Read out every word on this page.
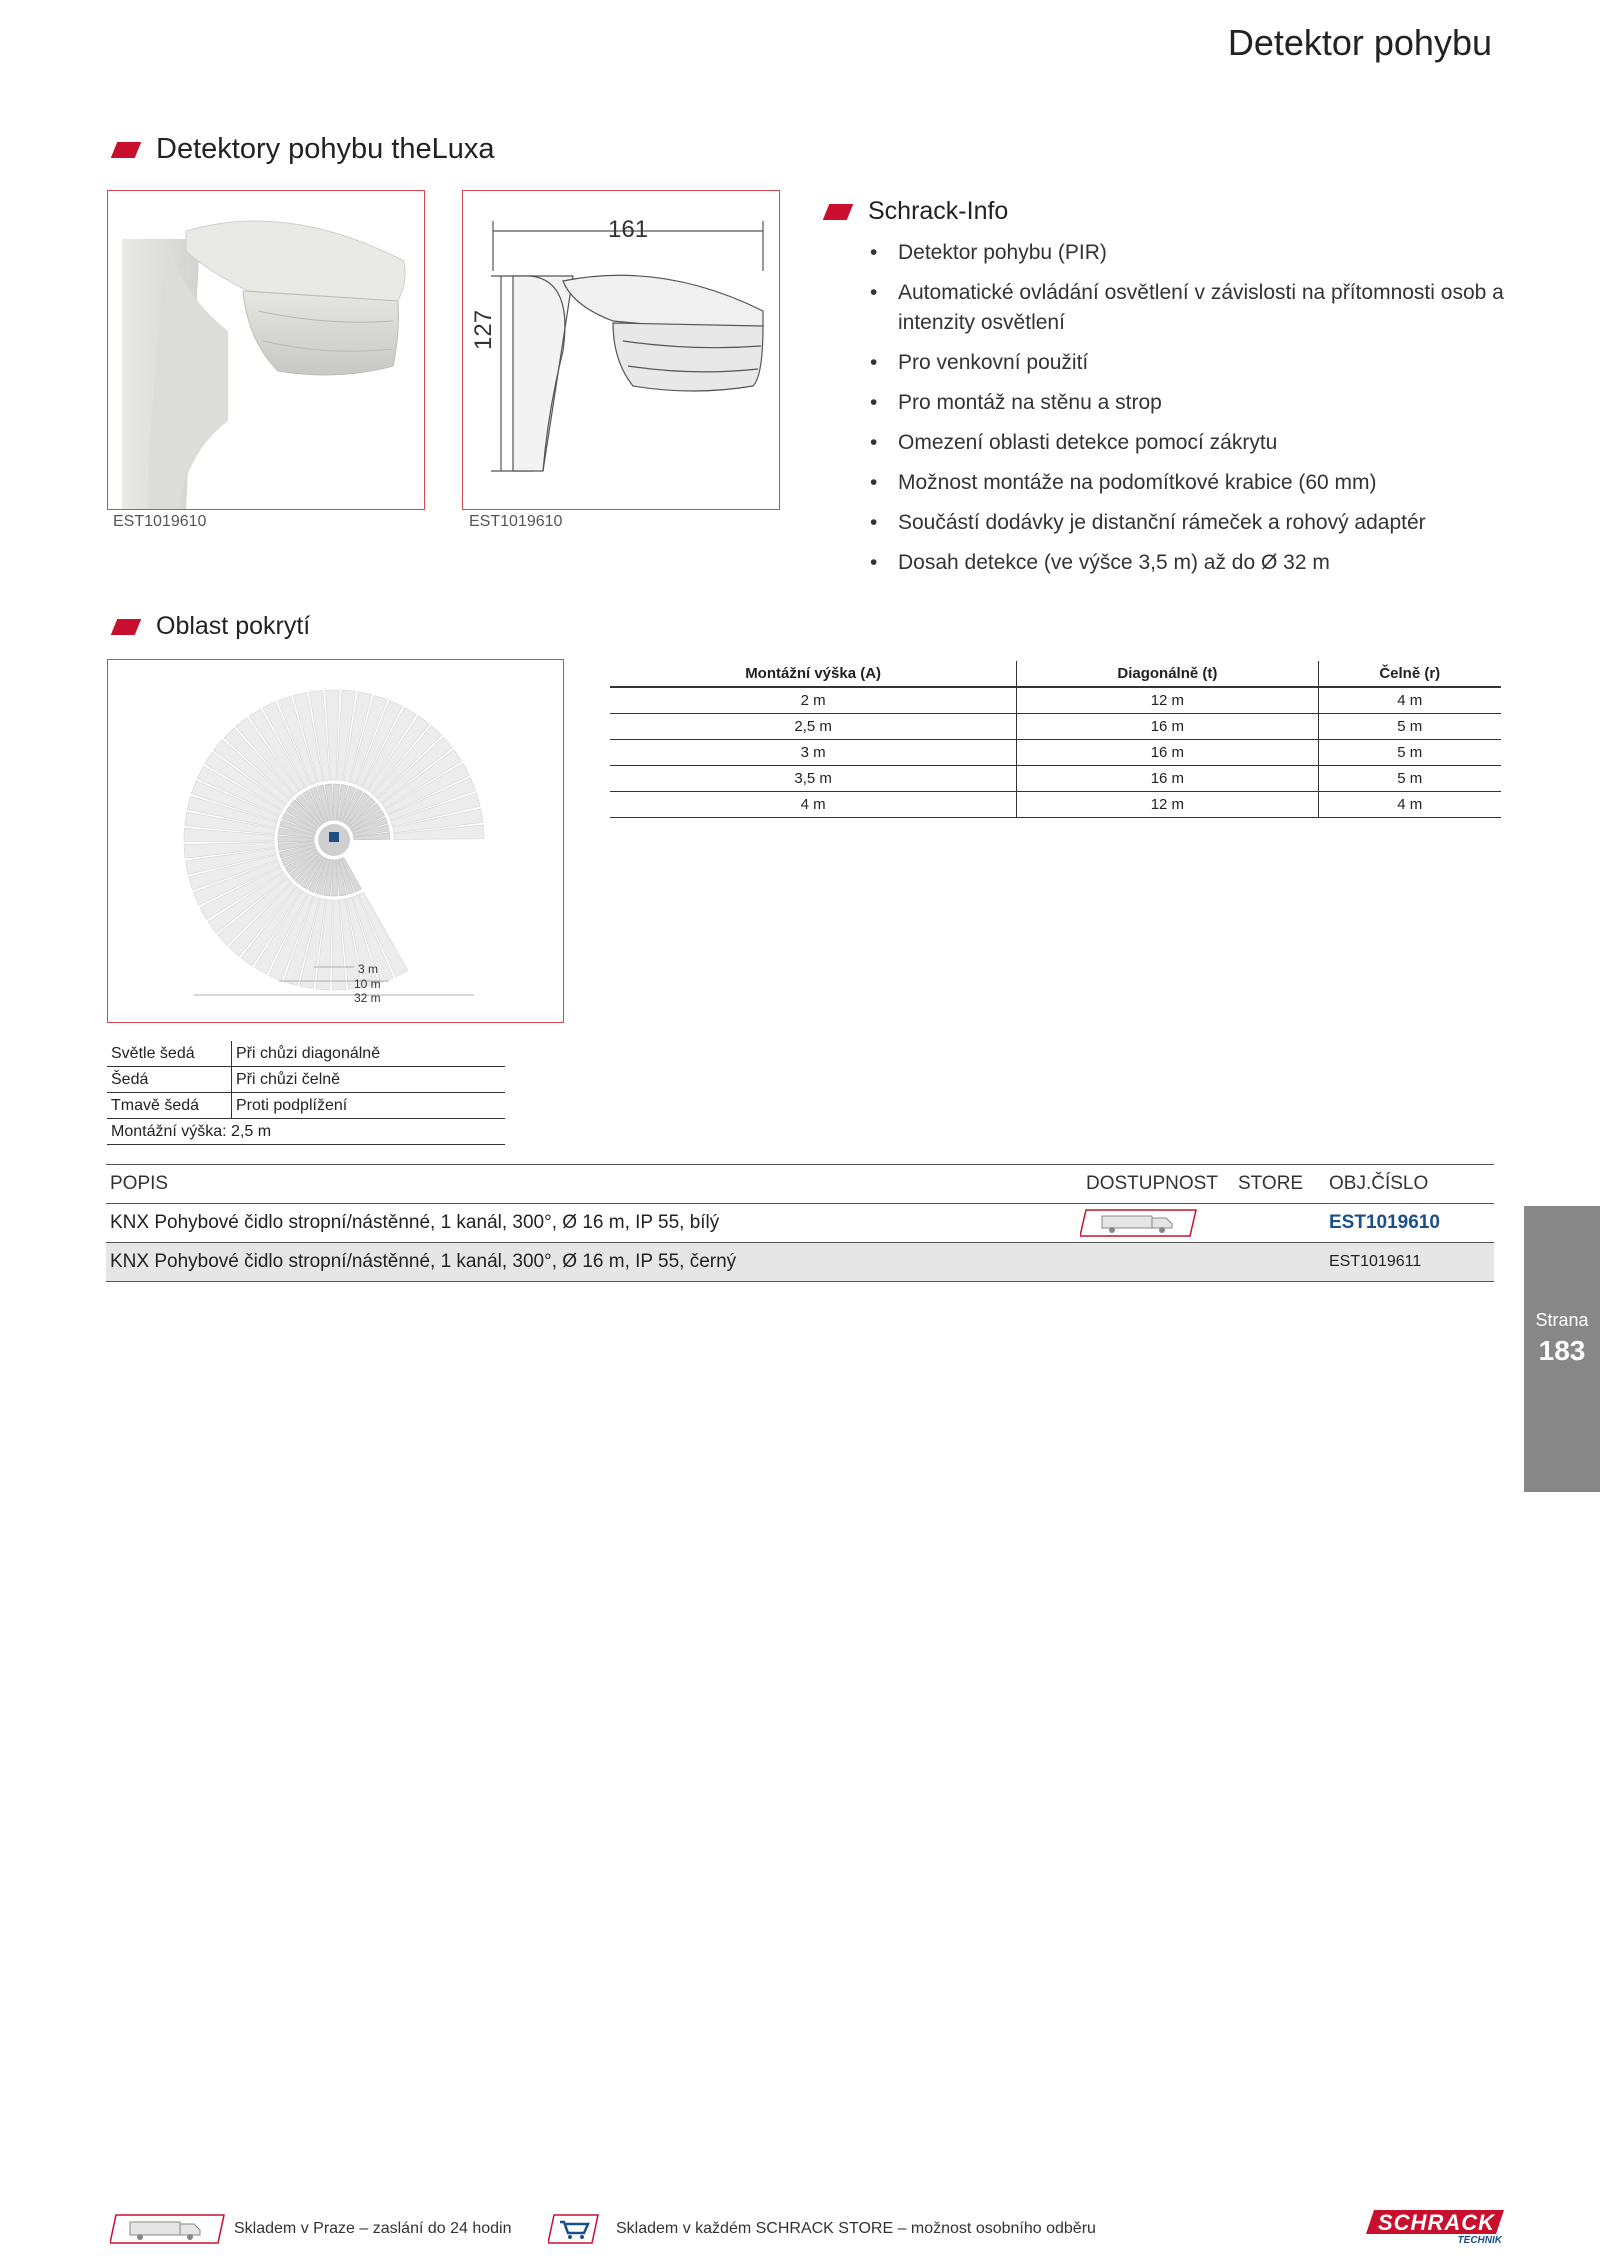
Detektor pohybu
Detektory pohybu theLuxa
EST1019610
161
127
EST1019610
Schrack-Info
• Detektor pohybu (PIR)
• Automatické ovládání osvětlení v závislosti na přítomnosti osob a intenzity osvětlení
• Pro venkovní použití
• Pro montáž na stěnu a strop
• Omezení oblasti detekce pomocí zákrytu
• Možnost montáže na podomítkové krabice (60 mm)
• Součástí dodávky je distanční rámeček a rohový adaptér
• Dosah detekce (ve výšce 3,5 m) až do Ø 32 m
Oblast pokrytí
3 m
10 m
32 m
Montážní výška (A)	Diagonálně (t)	Čelně (r)
2 m	12 m	4 m
2,5 m	16 m	5 m
3 m	16 m	5 m
3,5 m	16 m	5 m
4 m	12 m	4 m
Světle šedá	Při chůzi diagonálně
Šedá	Při chůzi čelně
Tmavě šedá	Proti podplížení
Montážní výška: 2,5 m	
POPIS	DOSTUPNOST STORE OBJ.ČÍSLO
KNX Pohybové čidlo stropní/nástěnné, 1 kanál, 300°, Ø 16 m, IP 55, bílý	EST1019610
KNX Pohybové čidlo stropní/nástěnné, 1 kanál, 300°, Ø 16 m, IP 55, černý	EST1019611
Strana
183
Skladem v Praze – zaslání do 24 hodin	Skladem v každém SCHRACK STORE – možnost osobního odběru	SCHRACK
TECHNIK
